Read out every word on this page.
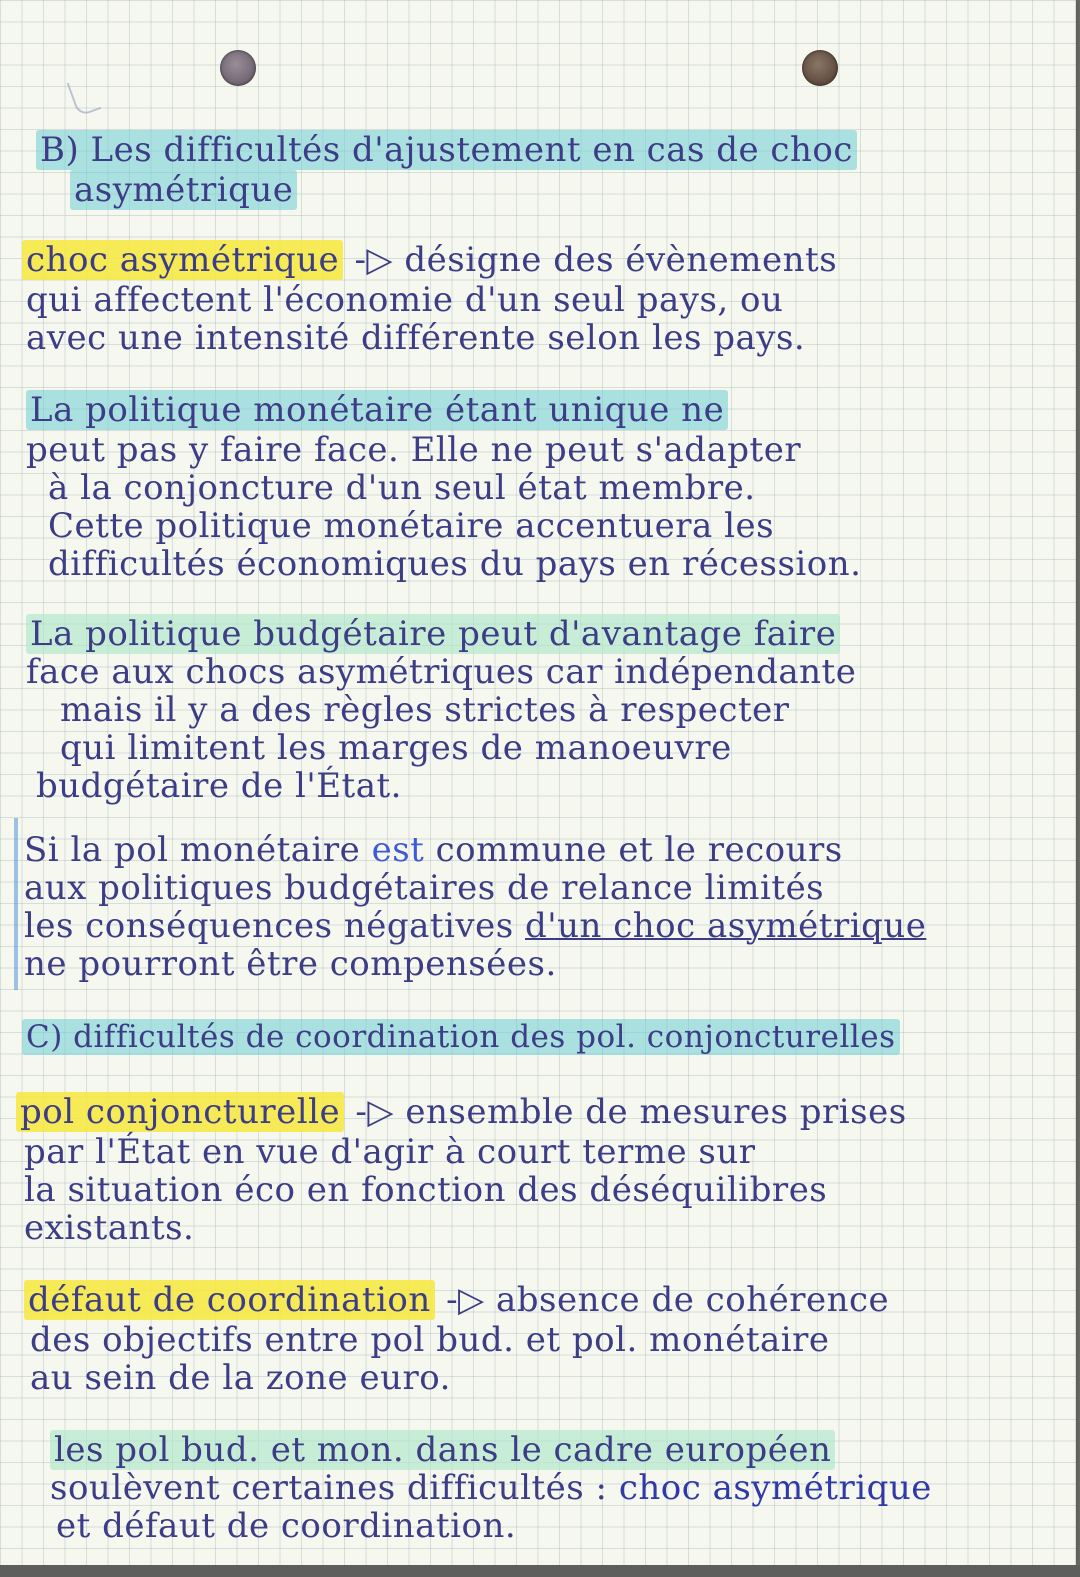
B) Les difficultés d'ajustement en cas de choc
asymétrique
choc asymétrique -▷ désigne des évènements
qui affectent l'économie d'un seul pays, ou
avec une intensité différente selon les pays.
La politique monétaire étant unique ne
peut pas y faire face. Elle ne peut s'adapter
à la conjoncture d'un seul état membre.
Cette politique monétaire accentuera les
difficultés économiques du pays en récession.
La politique budgétaire peut d'avantage faire
face aux chocs asymétriques car indépendante
mais il y a des règles strictes à respecter
qui limitent les marges de manoeuvre
budgétaire de l'État.
Si la pol monétaire est commune et le recours
aux politiques budgétaires de relance limités
les conséquences négatives d'un choc asymétrique
ne pourront être compensées.
C) difficultés de coordination des pol. conjoncturelles
pol conjoncturelle -▷ ensemble de mesures prises
par l'État en vue d'agir à court terme sur
la situation éco en fonction des déséquilibres
existants.
défaut de coordination -▷ absence de cohérence
des objectifs entre pol bud. et pol. monétaire
au sein de la zone euro.
les pol bud. et mon. dans le cadre européen
soulèvent certaines difficultés : choc asymétrique
et défaut de coordination.
